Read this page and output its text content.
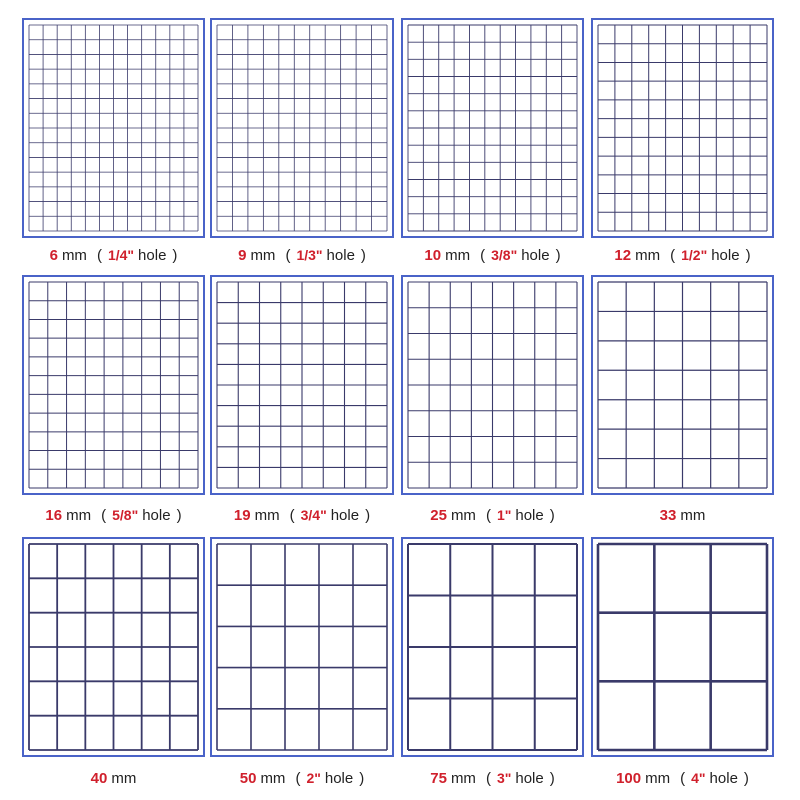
6 mm ( 1/4" hole )	9 mm ( 1/3" hole )	10 mm ( 3/8" hole )	12 mm ( 1/2" hole )
16 mm ( 5/8" hole )	19 mm ( 3/4" hole )	25 mm ( 1" hole )	33 mm
40 mm	50 mm ( 2" hole )	75 mm ( 3" hole )	100 mm ( 4" hole )
